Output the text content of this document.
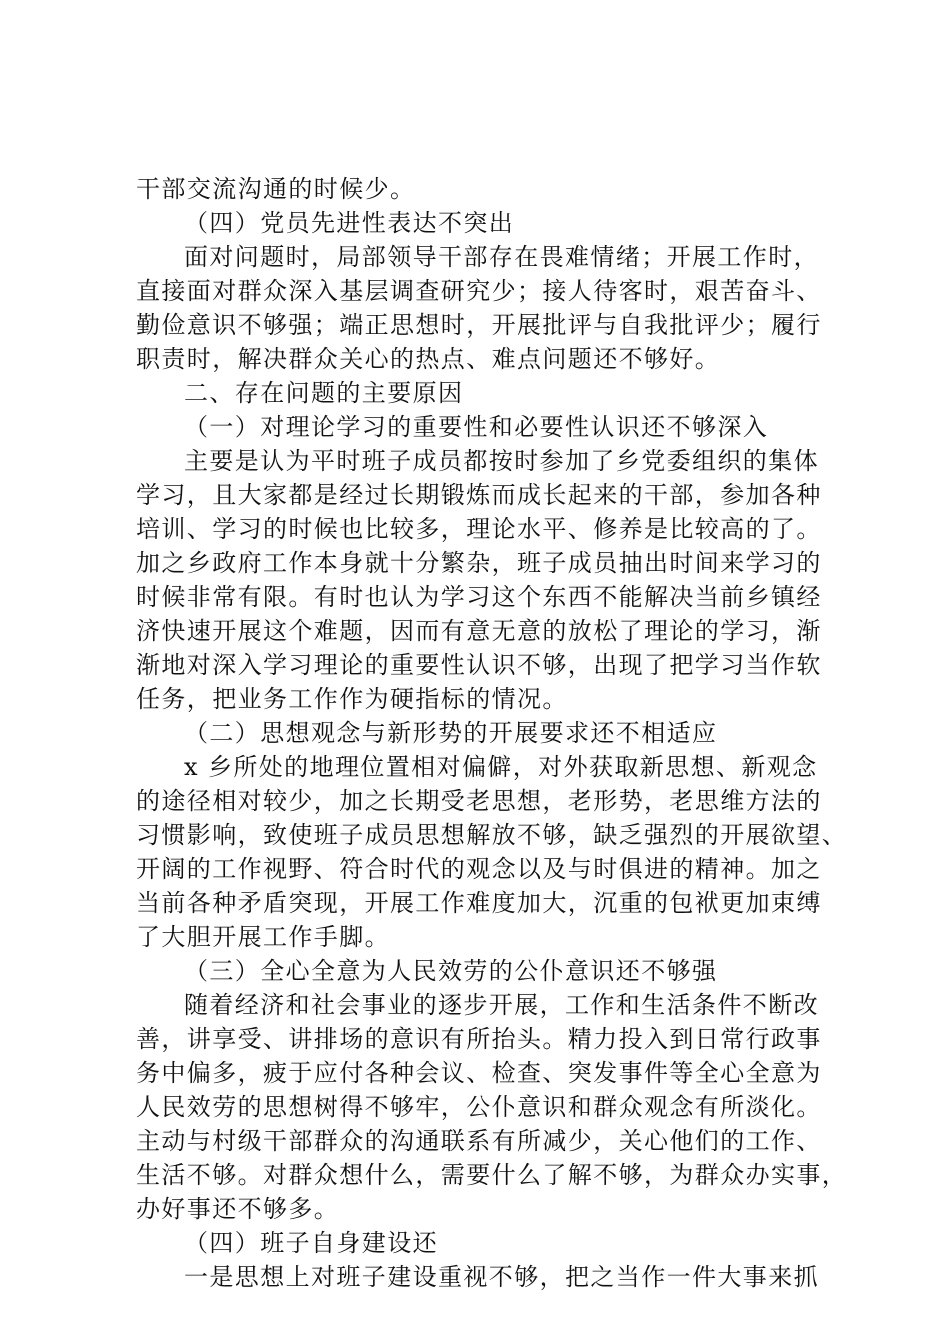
干部交流沟通的时候少。
（四）党员先进性表达不突出
面对问题时，局部领导干部存在畏难情绪；开展工作时，
直接面对群众深入基层调查研究少；接人待客时，艰苦奋斗、
勤俭意识不够强；端正思想时，开展批评与自我批评少；履行
职责时，解决群众关心的热点、难点问题还不够好。
二、存在问题的主要原因
（一）对理论学习的重要性和必要性认识还不够深入
主要是认为平时班子成员都按时参加了乡党委组织的集体
学习，且大家都是经过长期锻炼而成长起来的干部，参加各种
培训、学习的时候也比较多，理论水平、修养是比较高的了。
加之乡政府工作本身就十分繁杂，班子成员抽出时间来学习的
时候非常有限。有时也认为学习这个东西不能解决当前乡镇经
济快速开展这个难题，因而有意无意的放松了理论的学习，渐
渐地对深入学习理论的重要性认识不够，出现了把学习当作软
任务，把业务工作作为硬指标的情况。
（二）思想观念与新形势的开展要求还不相适应
x 乡所处的地理位置相对偏僻，对外获取新思想、新观念
的途径相对较少，加之长期受老思想，老形势，老思维方法的
习惯影响，致使班子成员思想解放不够，缺乏强烈的开展欲望、
开阔的工作视野、符合时代的观念以及与时俱进的精神。加之
当前各种矛盾突现，开展工作难度加大，沉重的包袱更加束缚
了大胆开展工作手脚。
（三）全心全意为人民效劳的公仆意识还不够强
随着经济和社会事业的逐步开展，工作和生活条件不断改
善，讲享受、讲排场的意识有所抬头。精力投入到日常行政事
务中偏多，疲于应付各种会议、检查、突发事件等全心全意为
人民效劳的思想树得不够牢，公仆意识和群众观念有所淡化。
主动与村级干部群众的沟通联系有所减少，关心他们的工作、
生活不够。对群众想什么，需要什么了解不够，为群众办实事，
办好事还不够多。
（四）班子自身建设还
一是思想上对班子建设重视不够，把之当作一件大事来抓
